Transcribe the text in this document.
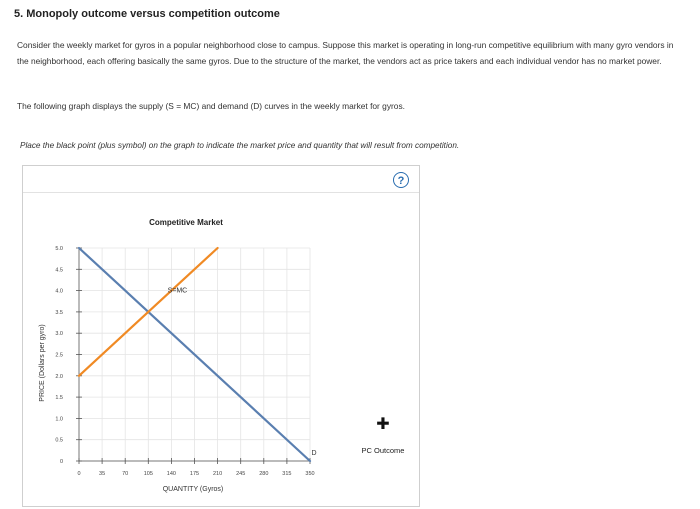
5. Monopoly outcome versus competition outcome
Consider the weekly market for gyros in a popular neighborhood close to campus. Suppose this market is operating in long-run competitive equilibrium with many gyro vendors in the neighborhood, each offering basically the same gyros. Due to the structure of the market, the vendors act as price takers and each individual vendor has no market power.
The following graph displays the supply (S = MC) and demand (D) curves in the weekly market for gyros.
Place the black point (plus symbol) on the graph to indicate the market price and quantity that will result from competition.
?
Competitive Market
0
0.5
1.0
1.5
2.0
2.5
3.0
3.5
4.0
4.5
5.0
0	35	70	105	140	175	210	245	280	315	350
D
S=MC
QUANTITY (Gyros)
PRICE (Dollars per gyro)
✚
PC Outcome
